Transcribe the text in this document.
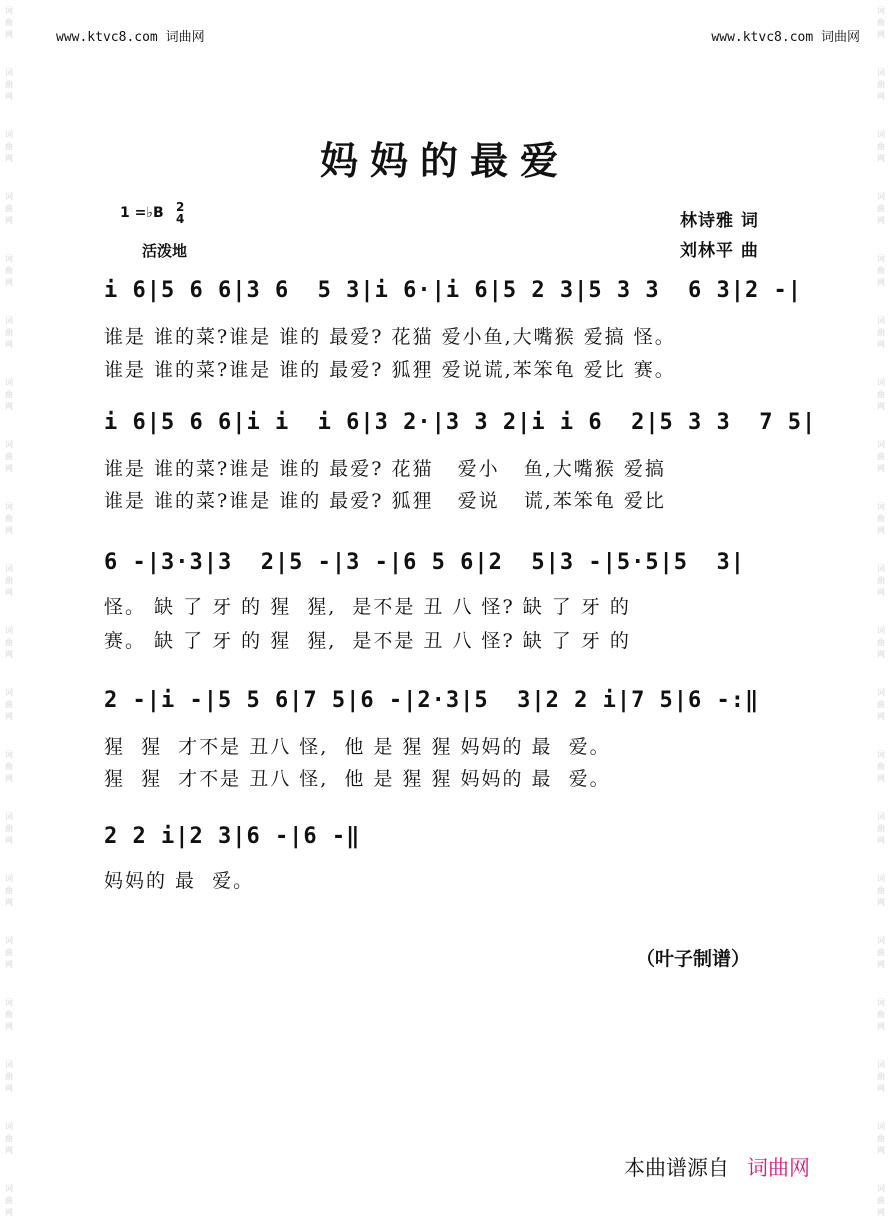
词
曲
网
词
曲
网
词
曲
网
词
曲
网
词
曲
网
词
曲
网
词
曲
网
词
曲
网
词
曲
网
词
曲
网
词
曲
网
词
曲
网
词
曲
网
词
曲
网
词
曲
网
词
曲
网
词
曲
网
词
曲
网
词
曲
网
词
曲
网
词
曲
网
词
曲
网
词
曲
网
词
曲
网
词
曲
网
词
曲
网
词
曲
网
词
曲
网
词
曲
网
词
曲
网
词
曲
网
词
曲
网
词
曲
网
词
曲
网
词
曲
网
词
曲
网
词
曲
网
词
曲
网
词
曲
网
词
曲
网
www.ktvc8.com 词曲网	www.ktvc8.com 词曲网
妈妈的最爱
1 =♭B 2
4
活泼地
林诗雅 词
刘林平 曲
i 6|5 6 6|3 6  5 3|i 6·|i 6|5 2 3|5 3 3  6 3|2 -|
谁是 谁的菜?谁是 谁的 最爱? 花猫 爱小鱼,大嘴猴 爱搞 怪。
谁是 谁的菜?谁是 谁的 最爱? 狐狸 爱说谎,苯笨龟 爱比 赛。
i 6|5 6 6|i i  i 6|3 2·|3 3 2|i i 6  2|5 3 3  7 5|
谁是 谁的菜?谁是 谁的 最爱? 花猫   爱小   鱼,大嘴猴 爱搞
谁是 谁的菜?谁是 谁的 最爱? 狐狸   爱说   谎,苯笨龟 爱比
6 -|3·3|3  2|5 -|3 -|6 5 6|2  5|3 -|5·5|5  3|
怪。 缺 了 牙 的 猩  猩,  是不是 丑 八 怪? 缺 了 牙 的
赛。 缺 了 牙 的 猩  猩,  是不是 丑 八 怪? 缺 了 牙 的
2 -|i -|5 5 6|7 5|6 -|2·3|5  3|2 2 i|7 5|6 -:‖
猩  猩  才不是 丑八 怪,  他 是 猩 猩 妈妈的 最  爱。
猩  猩  才不是 丑八 怪,  他 是 猩 猩 妈妈的 最  爱。
2 2 i|2 3|6 -|6 -‖
妈妈的 最  爱。
（叶子制谱）
本曲谱源自 词曲网
